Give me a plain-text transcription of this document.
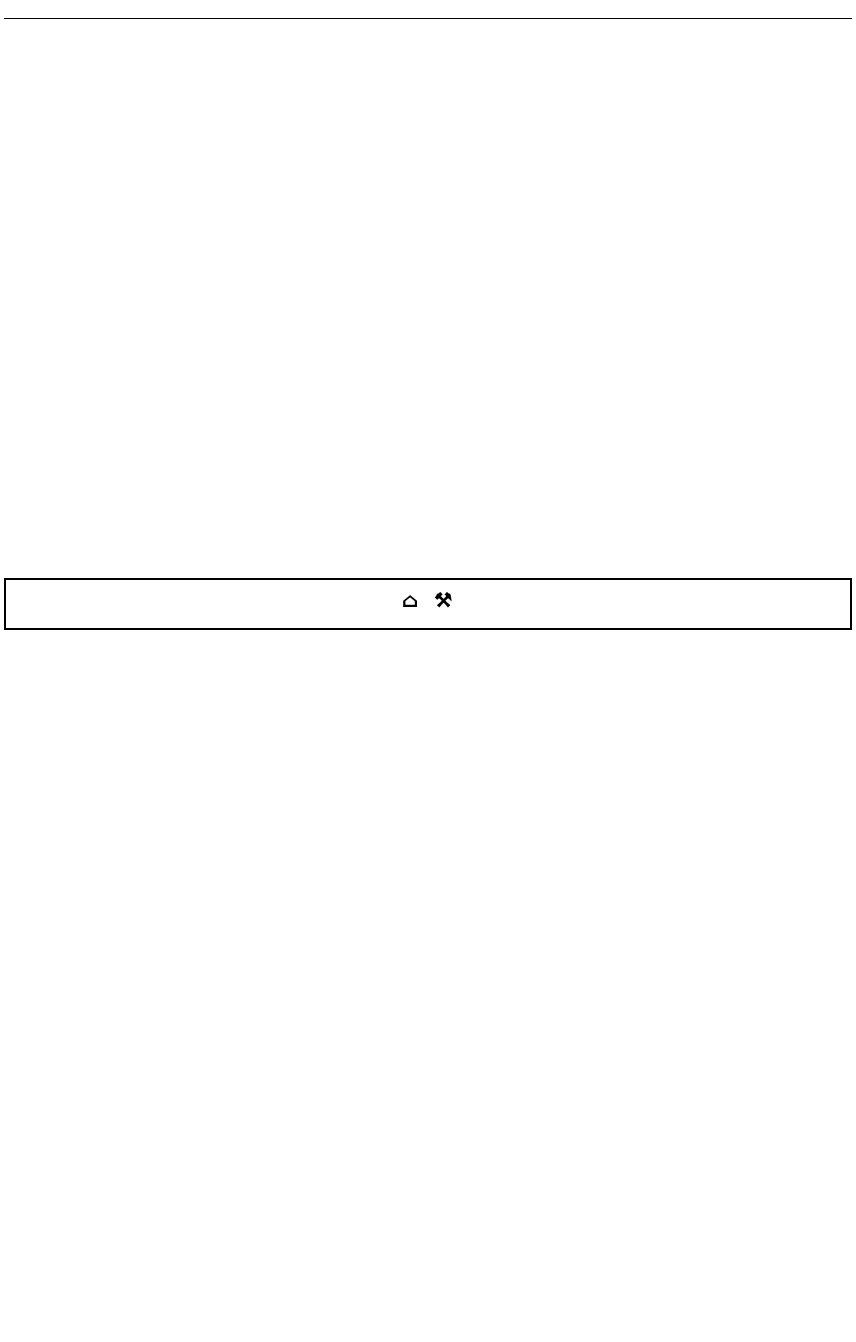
⌂ ⚒
